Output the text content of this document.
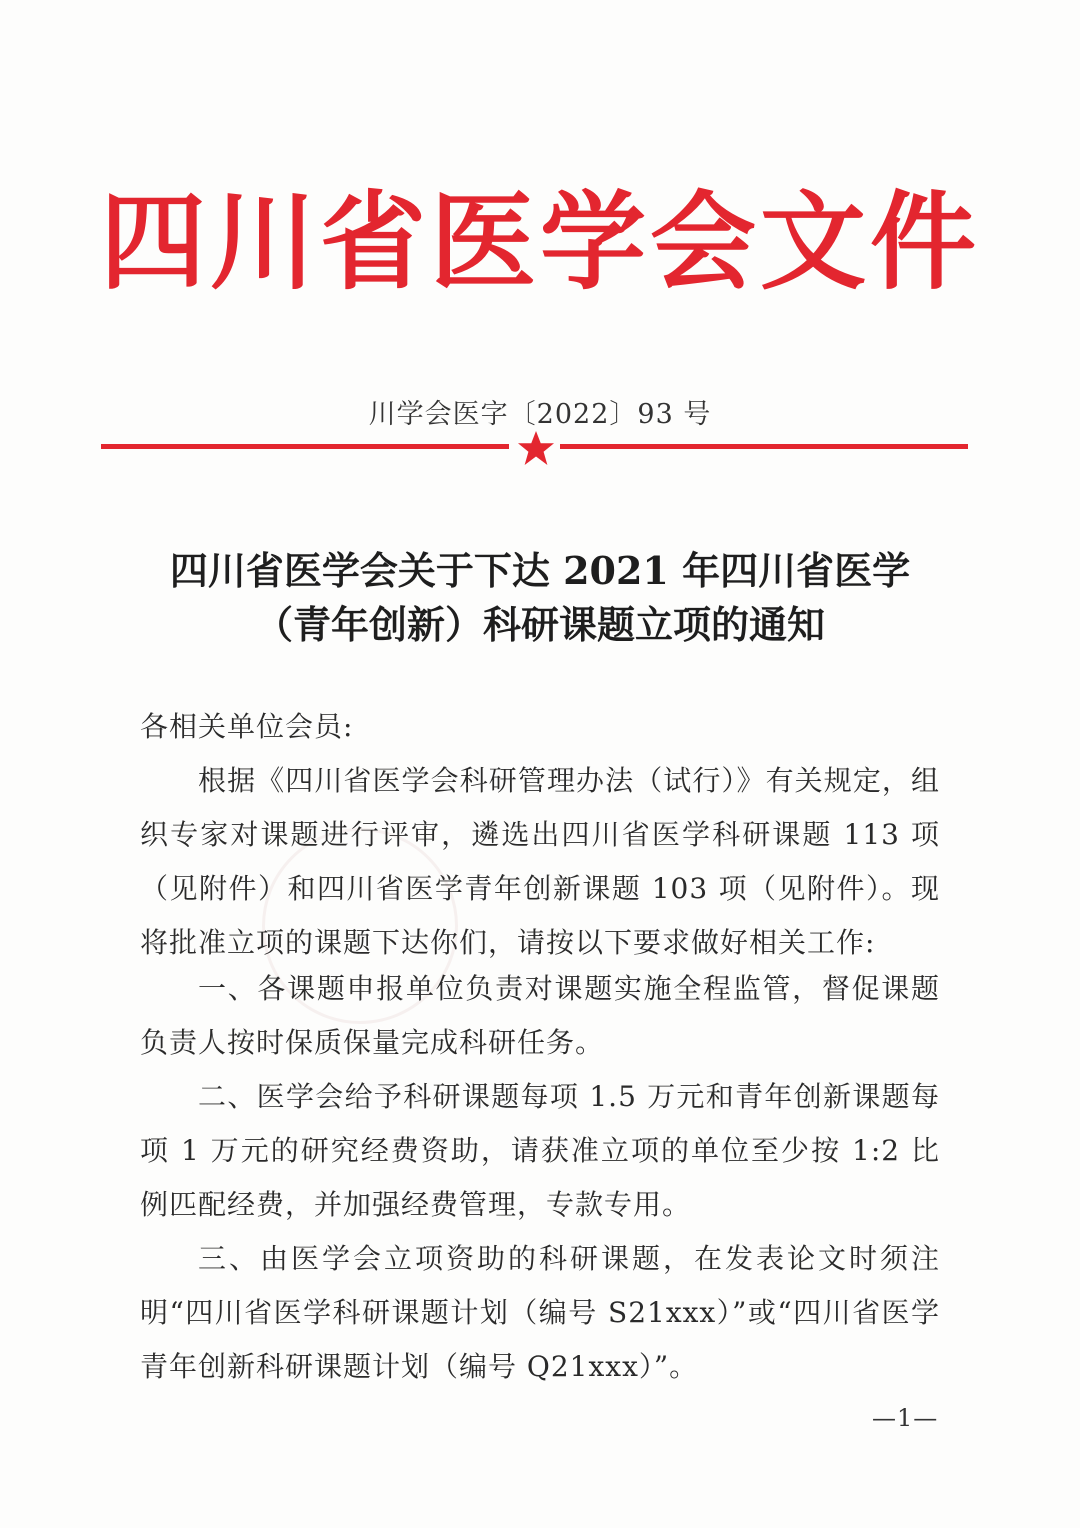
四川省医学会文件
川学会医字〔2022〕93 号
四川省医学会关于下达 2021 年四川省医学
（青年创新）科研课题立项的通知
各相关单位会员:
根据《四川省医学会科研管理办法（试行）》有关规定，组织专家对课题进行评审，遴选出四川省医学科研课题 113 项（见附件）和四川省医学青年创新课题 103 项（见附件）。现将批准立项的课题下达你们，请按以下要求做好相关工作:
一、各课题申报单位负责对课题实施全程监管，督促课题负责人按时保质保量完成科研任务。
二、医学会给予科研课题每项 1.5 万元和青年创新课题每项 1 万元的研究经费资助，请获准立项的单位至少按 1:2 比例匹配经费，并加强经费管理，专款专用。
三、由医学会立项资助的科研课题，在发表论文时须注明“四川省医学科研课题计划（编号 S21xxx）”或“四川省医学青年创新科研课题计划（编号 Q21xxx）”。
—1—
